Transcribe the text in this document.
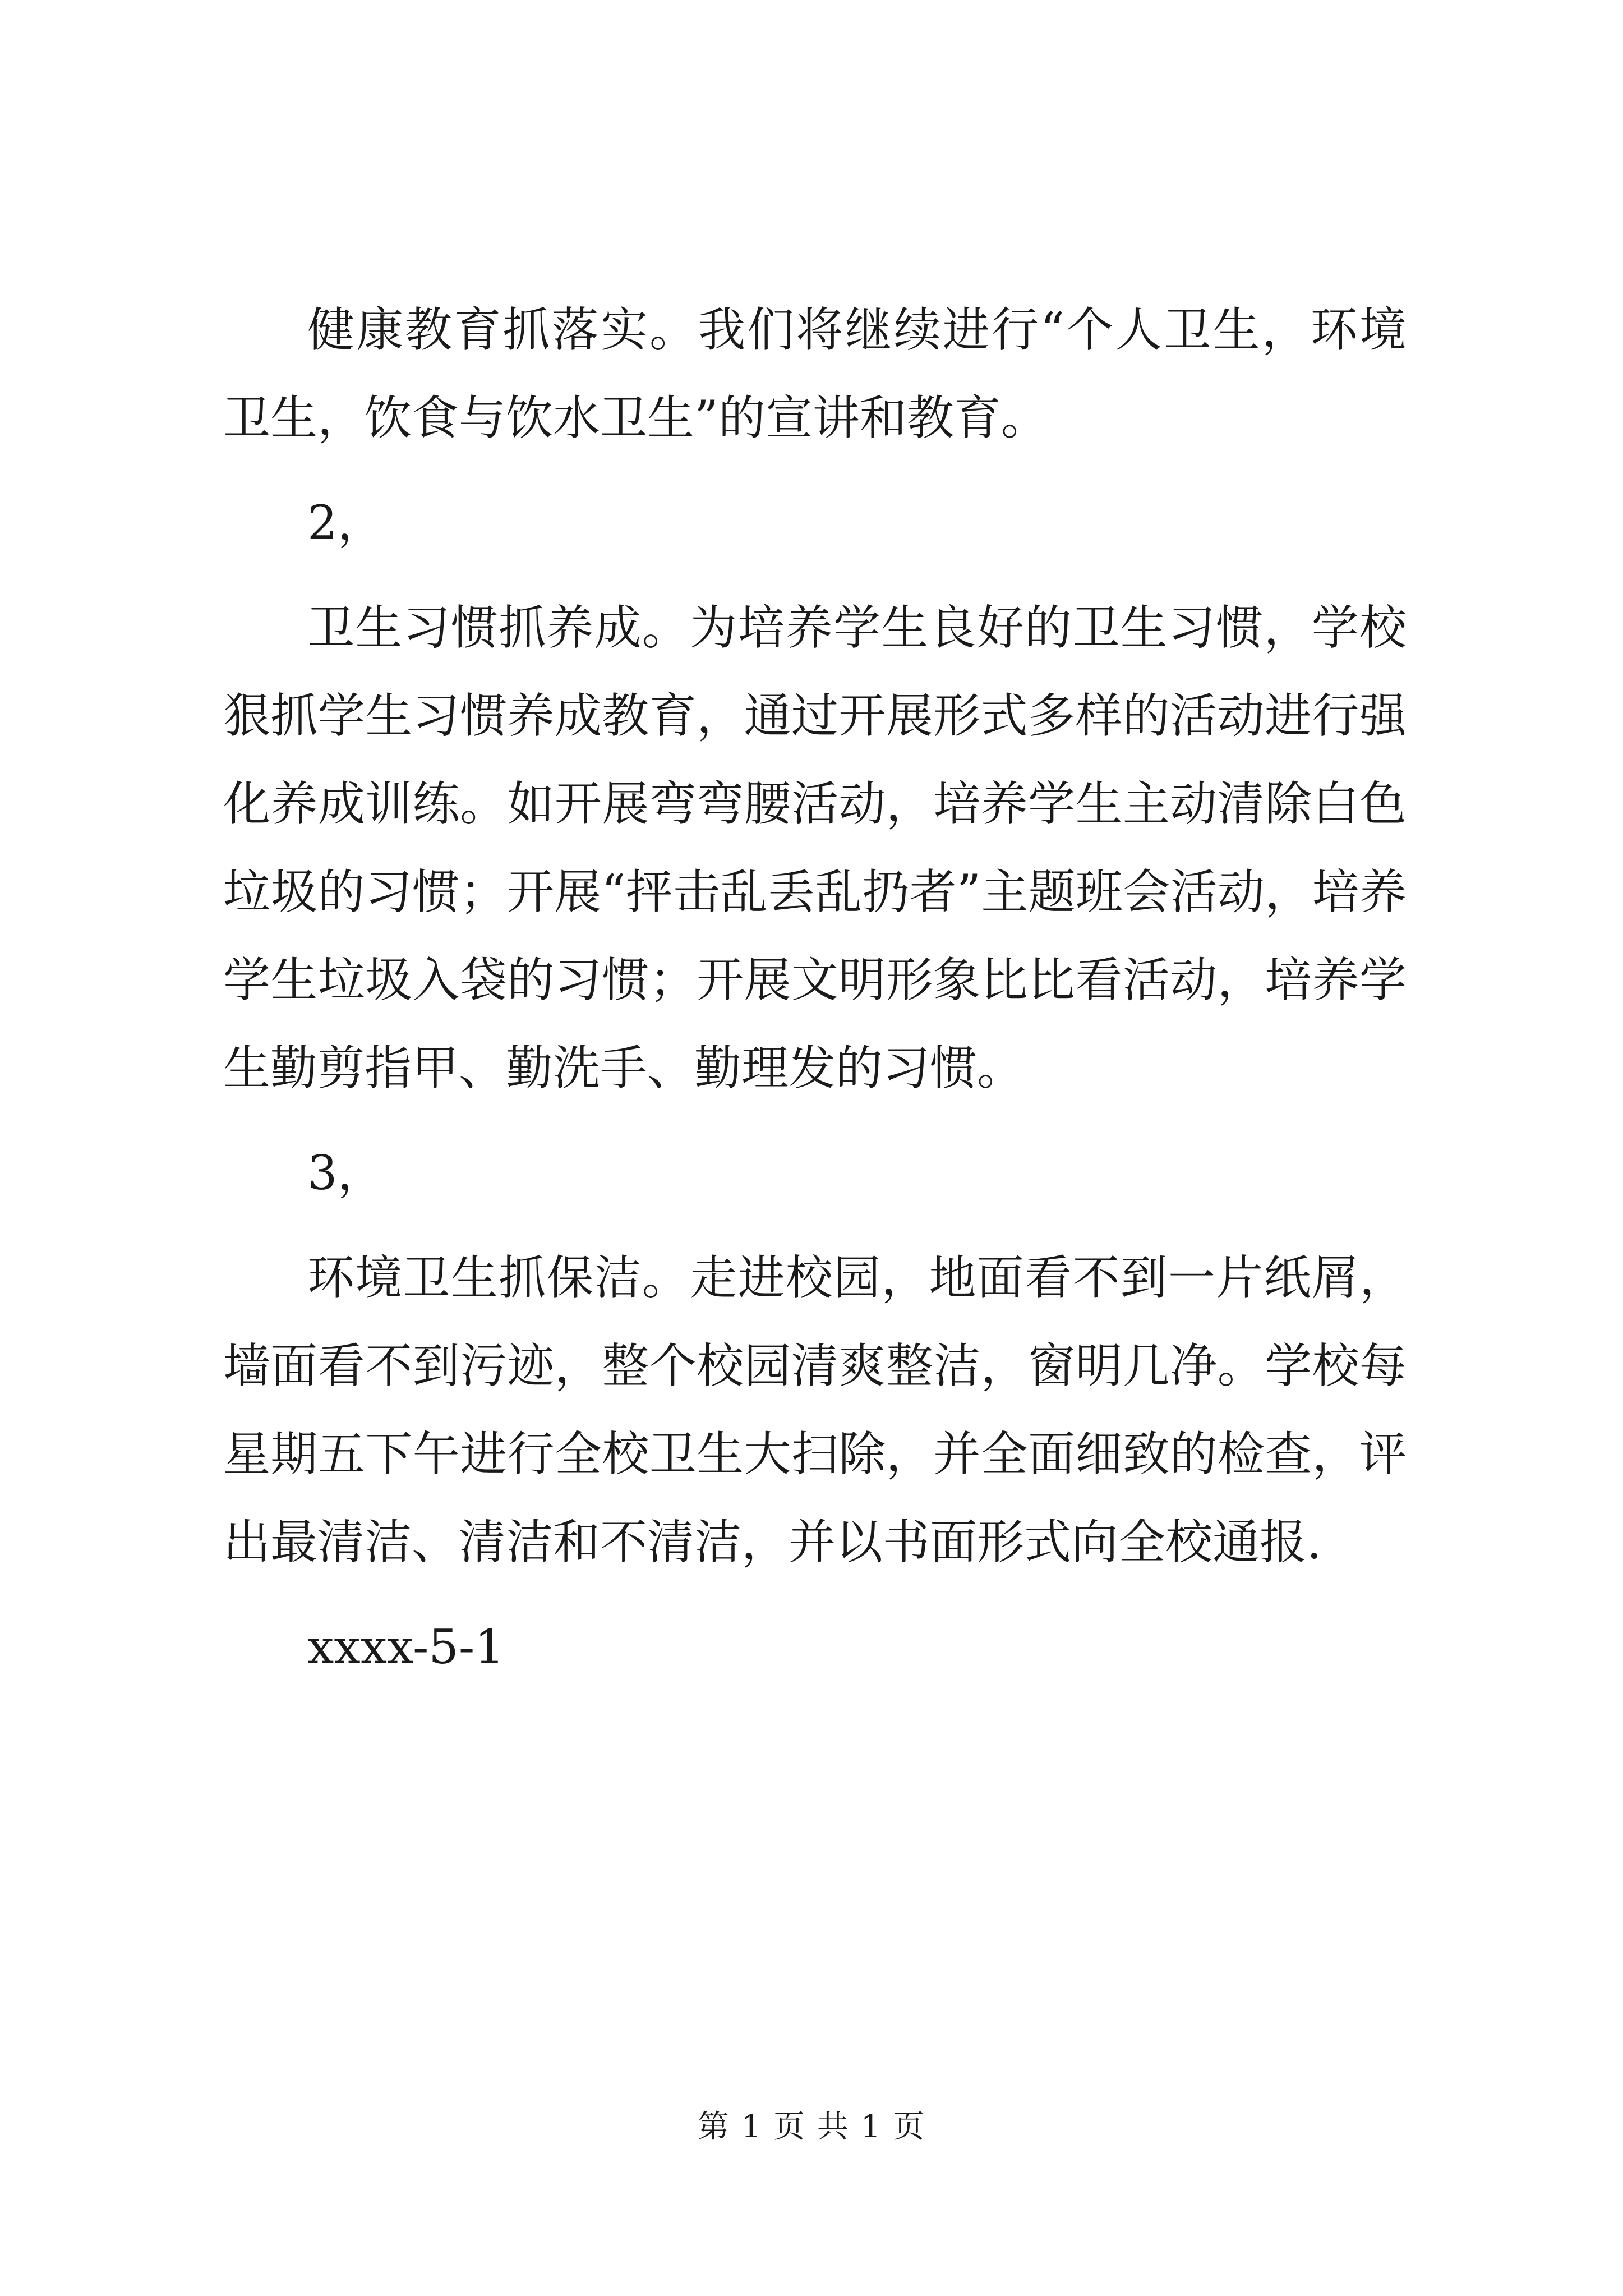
健康教育抓落实。我们将继续进行“个人卫生，环境卫生，饮食与饮水卫生”的宣讲和教育。

2，

卫生习惯抓养成。为培养学生良好的卫生习惯，学校狠抓学生习惯养成教育，通过开展形式多样的活动进行强化养成训练。如开展弯弯腰活动，培养学生主动清除白色垃圾的习惯；开展“抨击乱丢乱扔者”主题班会活动，培养学生垃圾入袋的习惯；开展文明形象比比看活动，培养学生勤剪指甲、勤洗手、勤理发的习惯。

3，

环境卫生抓保洁。走进校园，地面看不到一片纸屑，墙面看不到污迹，整个校园清爽整洁，窗明几净。学校每星期五下午进行全校卫生大扫除，并全面细致的检查，评出最清洁、清洁和不清洁，并以书面形式向全校通报.

xxxx-5-1

第 1 页 共 1 页
